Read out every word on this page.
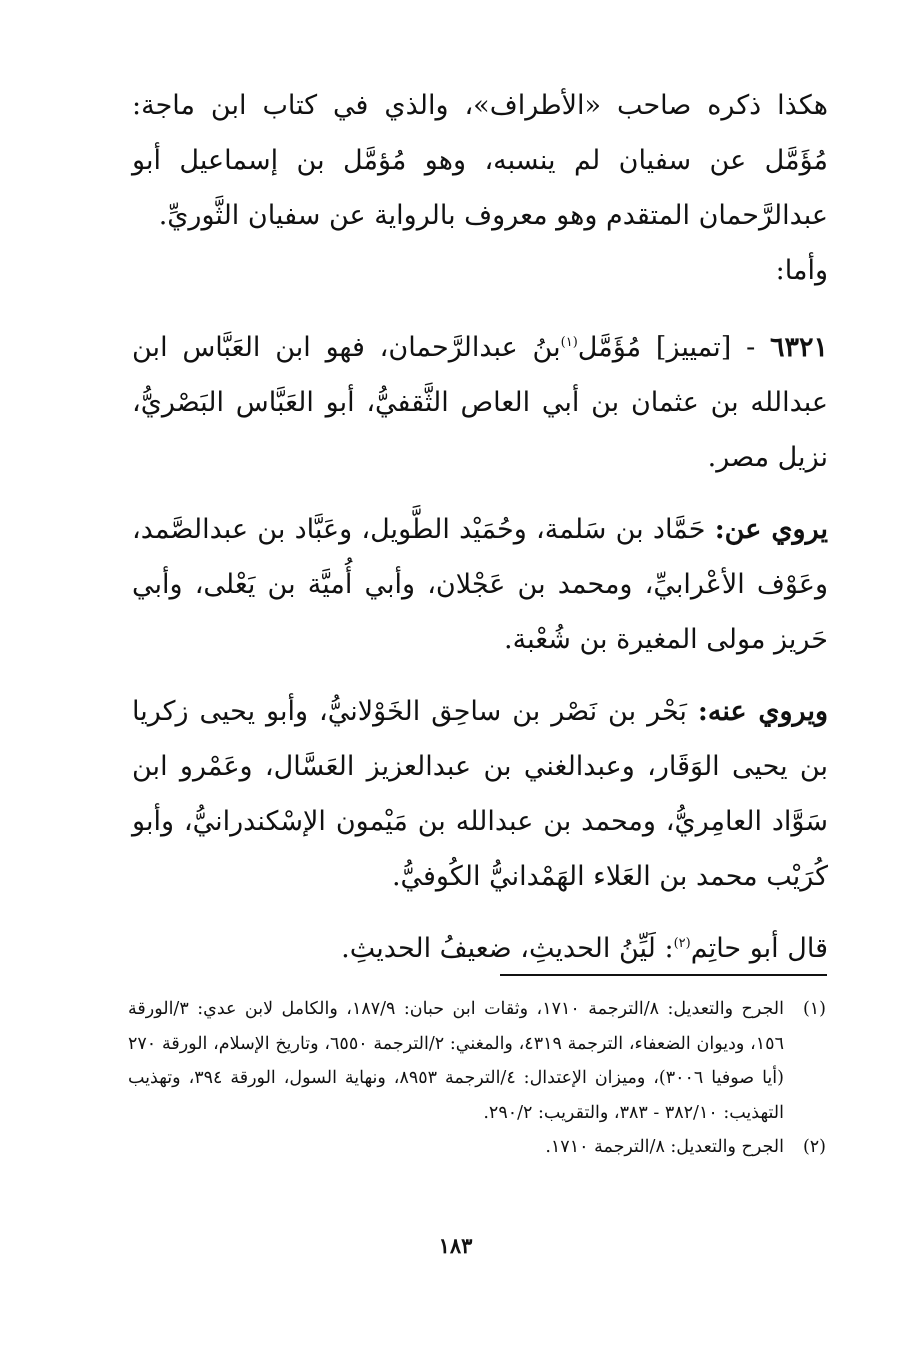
هكذا ذكره صاحب «الأطراف»، والذي في كتاب ابن ماجة: مُؤَمَّل عن سفيان لم ينسبه، وهو مُؤمَّل بن إسماعيل أبو عبدالرَّحمان المتقدم وهو معروف بالرواية عن سفيان الثَّوريِّ.

وأما:

٦٣٢١ - [تمييز] مُؤَمَّل$^{(١)}$بنُ عبدالرَّحمان، فهو ابن العَبَّاس ابن عبدالله بن عثمان بن أبي العاص الثَّقفيُّ، أبو العَبَّاس البَصْريُّ، نزيل مصر.

يروي عن: حَمَّاد بن سَلمة، وحُمَيْد الطَّويل، وعَبَّاد بن عبدالصَّمد، وعَوْف الأعْرابيِّ، ومحمد بن عَجْلان، وأبي أُميَّة بن يَعْلى، وأبي حَريز مولى المغيرة بن شُعْبة.

ويروي عنه: بَحْر بن نَصْر بن ساحِق الخَوْلانيُّ، وأبو يحيى زكريا بن يحيى الوَقَار، وعبدالغني بن عبدالعزيز العَسَّال، وعَمْرو ابن سَوَّاد العامِريُّ، ومحمد بن عبدالله بن مَيْمون الإسْكندرانيُّ، وأبو كُرَيْب محمد بن العَلاء الهَمْدانيُّ الكُوفيُّ.

قال أبو حاتِم$^{(٢)}$: لَيِّنُ الحديثِ، ضعيفُ الحديثِ.

(١)
الجرح والتعديل: ٨/الترجمة ١٧١٠، وثقات ابن حبان: ١٨٧/٩، والكامل لابن عدي: ٣/الورقة ١٥٦، وديوان الضعفاء، الترجمة ٤٣١٩، والمغني: ٢/الترجمة ٦٥٥٠، وتاريخ الإسلام، الورقة ٢٧٠ (أيا صوفيا ٣٠٠٦)، وميزان الإعتدال: ٤/الترجمة ٨٩٥٣، ونهاية السول، الورقة ٣٩٤، وتهذيب التهذيب: ٣٨٢/١٠ - ٣٨٣، والتقريب: ٢٩٠/٢.
(٢)
الجرح والتعديل: ٨/الترجمة ١٧١٠.
١٨٣
